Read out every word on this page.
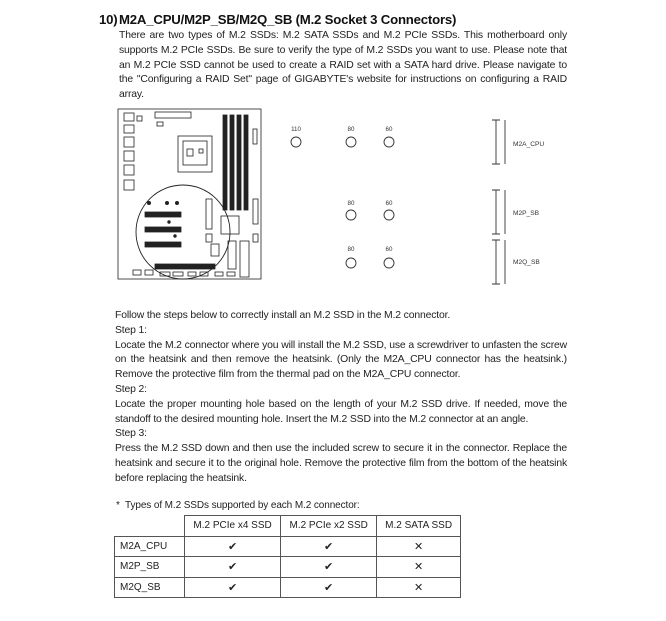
10) M2A_CPU/M2P_SB/M2Q_SB (M.2 Socket 3 Connectors)
There are two types of M.2 SSDs: M.2 SATA SSDs and M.2 PCIe SSDs. This motherboard only supports M.2 PCIe SSDs. Be sure to verify the type of M.2 SSDs you want to use. Please note that an M.2 PCIe SSD cannot be used to create a RAID set with a SATA hard drive. Please navigate to the "Configuring a RAID Set" page of GIGABYTE's website for instructions on configuring a RAID array.
110	80	60
80	60
80	60
M2A_CPU
M2P_SB
M2Q_SB

Follow the steps below to correctly install an M.2 SSD in the M.2 connector.

Step 1:

Locate the M.2 connector where you will install the M.2 SSD, use a screwdriver to unfasten the screw on the heatsink and then remove the heatsink. (Only the M2A_CPU connector has the heatsink.) Remove the protective film from the thermal pad on the M2A_CPU connector.

Step 2:

Locate the proper mounting hole based on the length of your M.2 SSD drive. If needed, move the standoff to the desired mounting hole. Insert the M.2 SSD into the M.2 connector at an angle.

Step 3:

Press the M.2 SSD down and then use the included screw to secure it in the connector. Replace the heatsink and secure it to the original hole. Remove the protective film from the bottom of the heatsink before replacing the heatsink.

* Types of M.2 SSDs supported by each M.2 connector:
	M.2 PCIe x4 SSD	M.2 PCIe x2 SSD	M.2 SATA SSD
M2A_CPU	✔	✔	✕
M2P_SB	✔	✔	✕
M2Q_SB	✔	✔	✕
